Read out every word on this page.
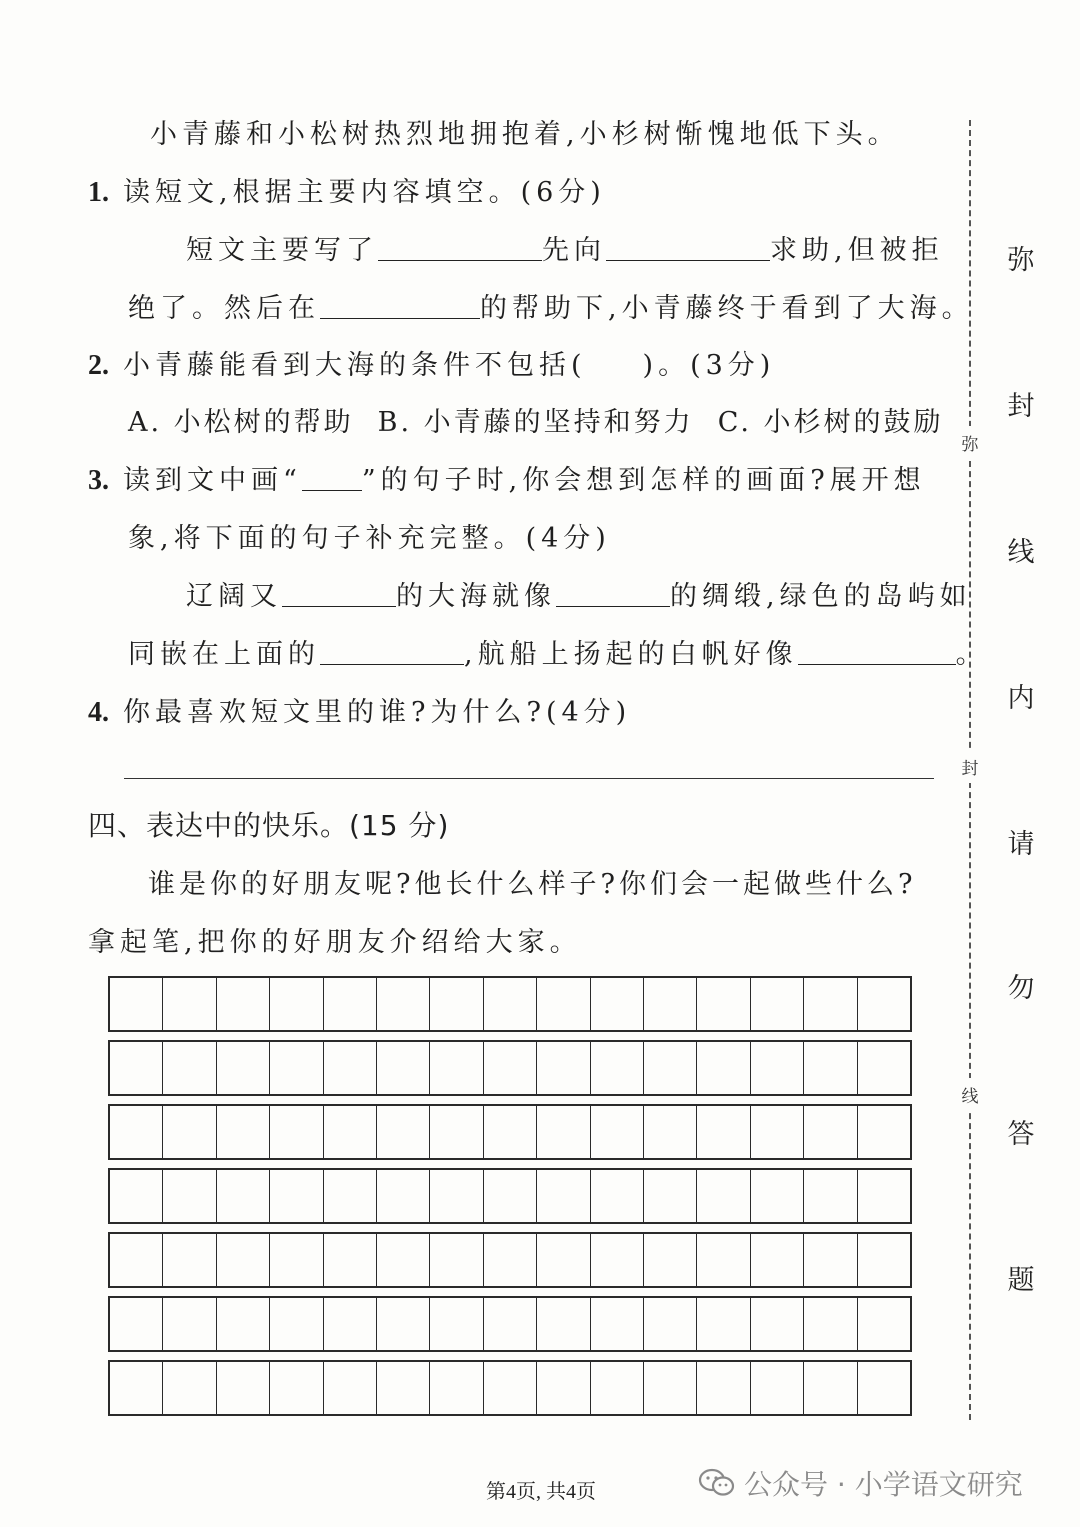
小青藤和小松树热烈地拥抱着,小杉树惭愧地低下头。
1. 读短文,根据主要内容填空。(6分)
短文主要写了	先向	求助,但被拒
绝了。然后在	的帮助下,小青藤终于看到了大海。
2. 小青藤能看到大海的条件不包括( )。(3分)
A. 小松树的帮助 B. 小青藤的坚持和努力 C. 小杉树的鼓励
3. 读到文中画“ ”的句子时,你会想到怎样的画面?展开想
象,将下面的句子补充完整。(4分)
辽阔又	的大海就像	的绸缎,绿色的岛屿如
同嵌在上面的	,航船上扬起的白帆好像	。
4. 你最喜欢短文里的谁?为什么?(4分)
四、表达中的快乐。(15 分)
谁是你的好朋友呢?他长什么样子?你们会一起做些什么?
拿起笔,把你的好朋友介绍给大家。
弥
封
线
弥
封
线
内
请
勿
答
题
第4页, 共4页	公众号 · 小学语文研究
